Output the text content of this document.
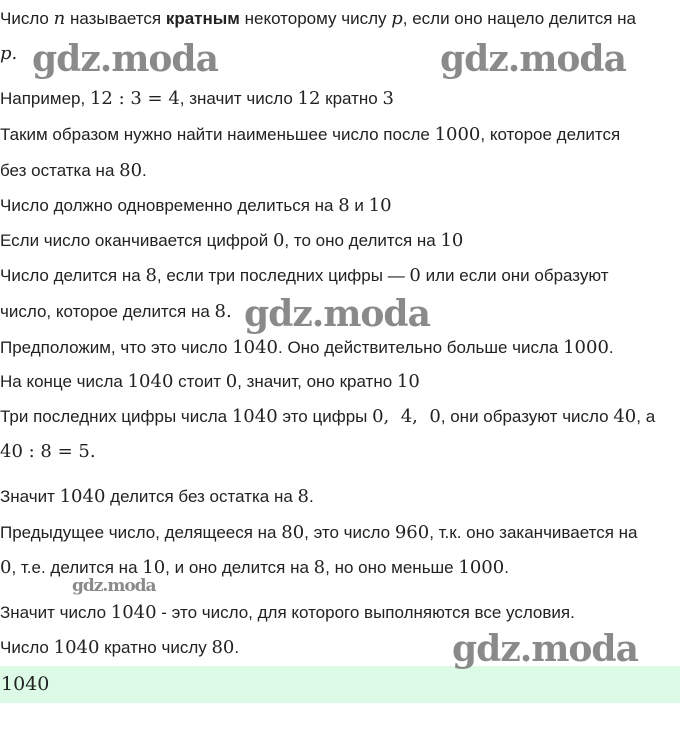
Число n называется кратным некоторому числу p, если оно нацело делится на
p.
Например, 12 : 3 = 4, значит число 12 кратно 3
Таким образом нужно найти наименьшее число после 1000, которое делится
без остатка на 80.
Число должно одновременно делиться на 8 и 10
Если число оканчивается цифрой 0, то оно делится на 10
Число делится на 8, если три последних цифры — 0 или если они образуют
число, которое делится на 8.
Предположим, что это число 1040. Оно действительно больше числа 1000.
На конце числа 1040 стоит 0, значит, оно кратно 10
Три последних цифры числа 1040 это цифры 0,  4,  0, они образуют число 40, а
40 : 8 = 5.
Значит 1040 делится без остатка на 8.
Предыдущее число, делящееся на 80, это число 960, т.к. оно заканчивается на
0, т.е. делится на 10, и оно делится на 8, но оно меньше 1000.
Значит число 1040 - это число, для которого выполняются все условия.
Число 1040 кратно числу 80.
1040
gdz.moda	gdz.moda
gdz.moda
gdz.moda
gdz.moda
